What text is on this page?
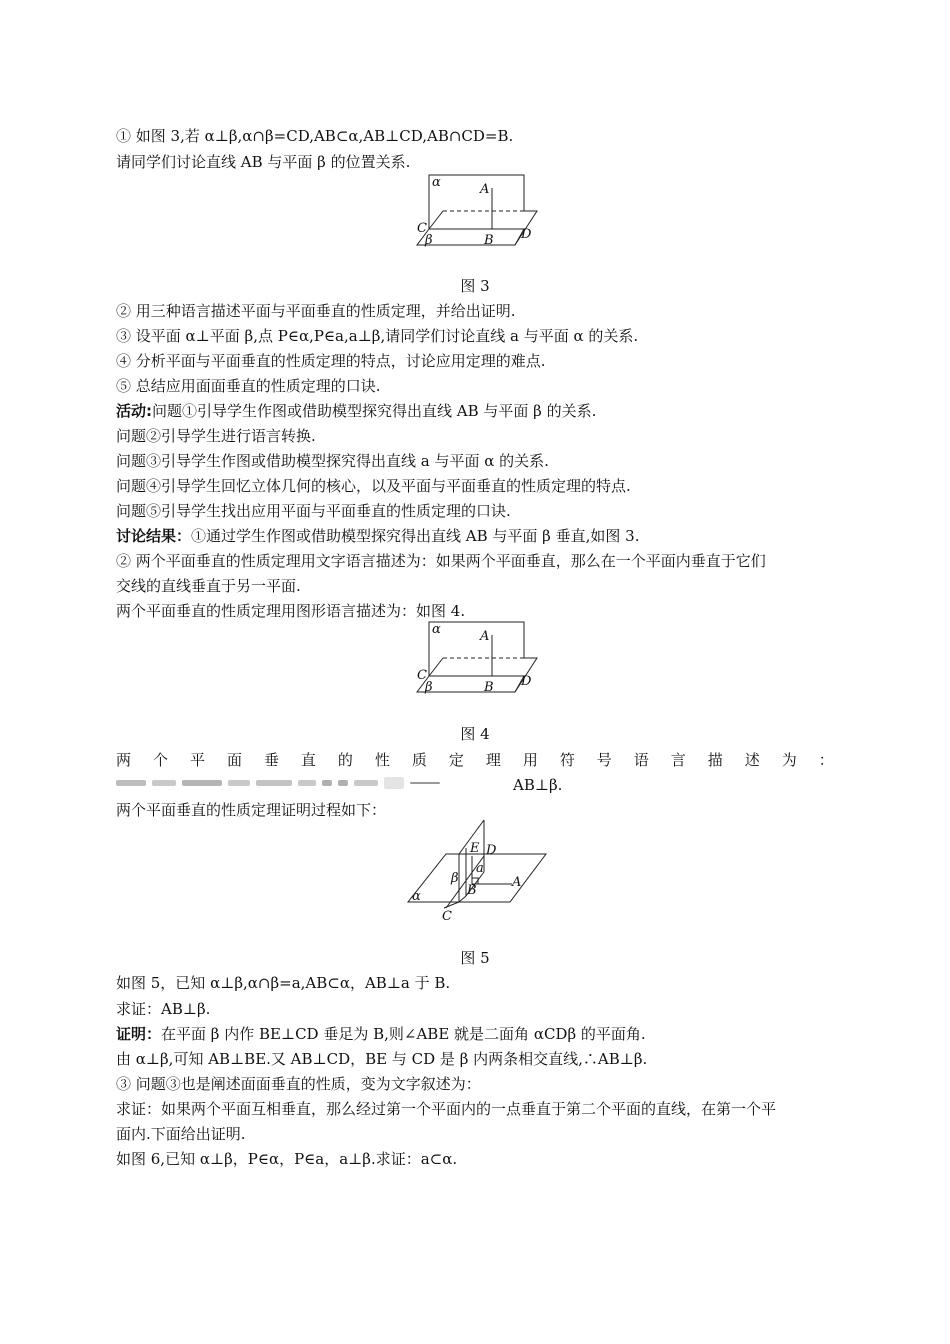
① 如图 3,若 α⊥β,α∩β=CD,AB⊂α,AB⊥CD,AB∩CD=B.
请同学们讨论直线 AB 与平面 β 的位置关系.
α	A
C
β	B D
图 3
② 用三种语言描述平面与平面垂直的性质定理，并给出证明.
③ 设平面 α⊥平面 β,点 P∈α,P∈a,a⊥β,请同学们讨论直线 a 与平面 α 的关系.
④ 分析平面与平面垂直的性质定理的特点，讨论应用定理的难点.
⑤ 总结应用面面垂直的性质定理的口诀.
活动:问题①引导学生作图或借助模型探究得出直线 AB 与平面 β 的关系.
问题②引导学生进行语言转换.
问题③引导学生作图或借助模型探究得出直线 a 与平面 α 的关系.
问题④引导学生回忆立体几何的核心，以及平面与平面垂直的性质定理的特点.
问题⑤引导学生找出应用平面与平面垂直的性质定理的口诀.
讨论结果：①通过学生作图或借助模型探究得出直线 AB 与平面 β 垂直,如图 3.
② 两个平面垂直的性质定理用文字语言描述为：如果两个平面垂直，那么在一个平面内垂直于它们
交线的直线垂直于另一平面.
两个平面垂直的性质定理用图形语言描述为：如图 4.
α	A
C
β	B D
图 4
两 个 平 面 垂 直 的 性 质 定 理 用 符 号 语 言 描 述 为 ：
AB⊥β.
两个平面垂直的性质定理证明过程如下：
E D
a
β
B
A
α
C
图 5
如图 5，已知 α⊥β,α∩β=a,AB⊂α，AB⊥a 于 B.
求证：AB⊥β.
证明：在平面 β 内作 BE⊥CD 垂足为 B,则∠ABE 就是二面角 αCDβ 的平面角.
由 α⊥β,可知 AB⊥BE.又 AB⊥CD，BE 与 CD 是 β 内两条相交直线,∴AB⊥β.
③ 问题③也是阐述面面垂直的性质，变为文字叙述为：
求证：如果两个平面互相垂直，那么经过第一个平面内的一点垂直于第二个平面的直线，在第一个平
面内.下面给出证明.
如图 6,已知 α⊥β，P∈α，P∈a，a⊥β.求证：a⊂α.
